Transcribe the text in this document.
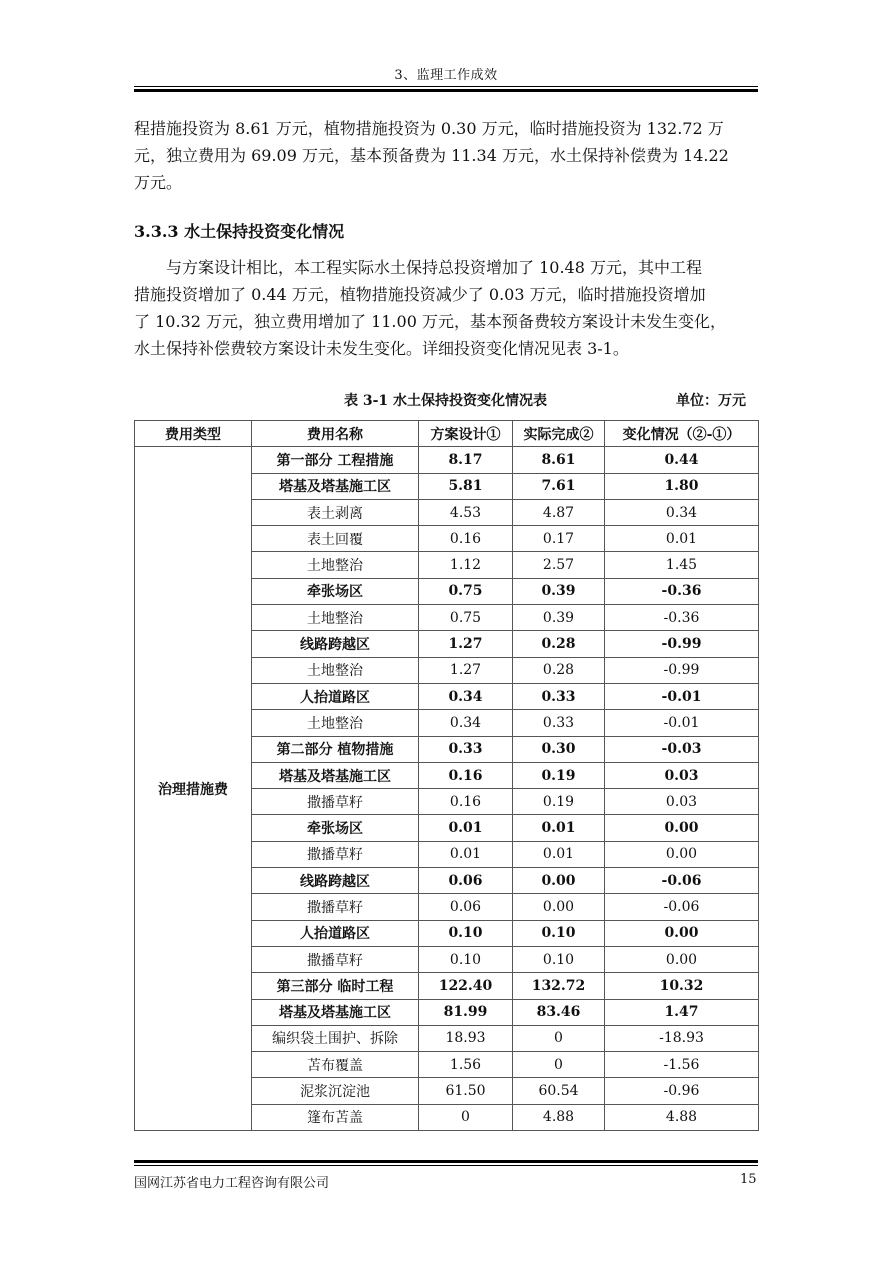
3、监理工作成效

程措施投资为 8.61 万元，植物措施投资为 0.30 万元，临时措施投资为 132.72 万

元，独立费用为 69.09 万元，基本预备费为 11.34 万元，水土保持补偿费为 14.22

万元。

3.3.3 水土保持投资变化情况

与方案设计相比，本工程实际水土保持总投资增加了 10.48 万元，其中工程

措施投资增加了 0.44 万元，植物措施投资减少了 0.03 万元，临时措施投资增加

了 10.32 万元，独立费用增加了 11.00 万元，基本预备费较方案设计未发生变化，

水土保持补偿费较方案设计未发生变化。详细投资变化情况见表 3-1。

表 3-1 水土保持投资变化情况表	单位：万元
费用类型	费用名称	方案设计①	实际完成②	变化情况（②-①）
治理措施费	第一部分 工程措施	8.17	8.61	0.44
	塔基及塔基施工区	5.81	7.61	1.80
	表土剥离	4.53	4.87	0.34
	表土回覆	0.16	0.17	0.01
	土地整治	1.12	2.57	1.45
	牵张场区	0.75	0.39	-0.36
	土地整治	0.75	0.39	-0.36
	线路跨越区	1.27	0.28	-0.99
	土地整治	1.27	0.28	-0.99
	人抬道路区	0.34	0.33	-0.01
	土地整治	0.34	0.33	-0.01
	第二部分 植物措施	0.33	0.30	-0.03
	塔基及塔基施工区	0.16	0.19	0.03
	撒播草籽	0.16	0.19	0.03
	牵张场区	0.01	0.01	0.00
	撒播草籽	0.01	0.01	0.00
	线路跨越区	0.06	0.00	-0.06
	撒播草籽	0.06	0.00	-0.06
	人抬道路区	0.10	0.10	0.00
	撒播草籽	0.10	0.10	0.00
	第三部分 临时工程	122.40	132.72	10.32
	塔基及塔基施工区	81.99	83.46	1.47
	编织袋土围护、拆除	18.93	0	-18.93
	苫布覆盖	1.56	0	-1.56
	泥浆沉淀池	61.50	60.54	-0.96
	篷布苫盖	0	4.88	4.88
国网江苏省电力工程咨询有限公司	15
